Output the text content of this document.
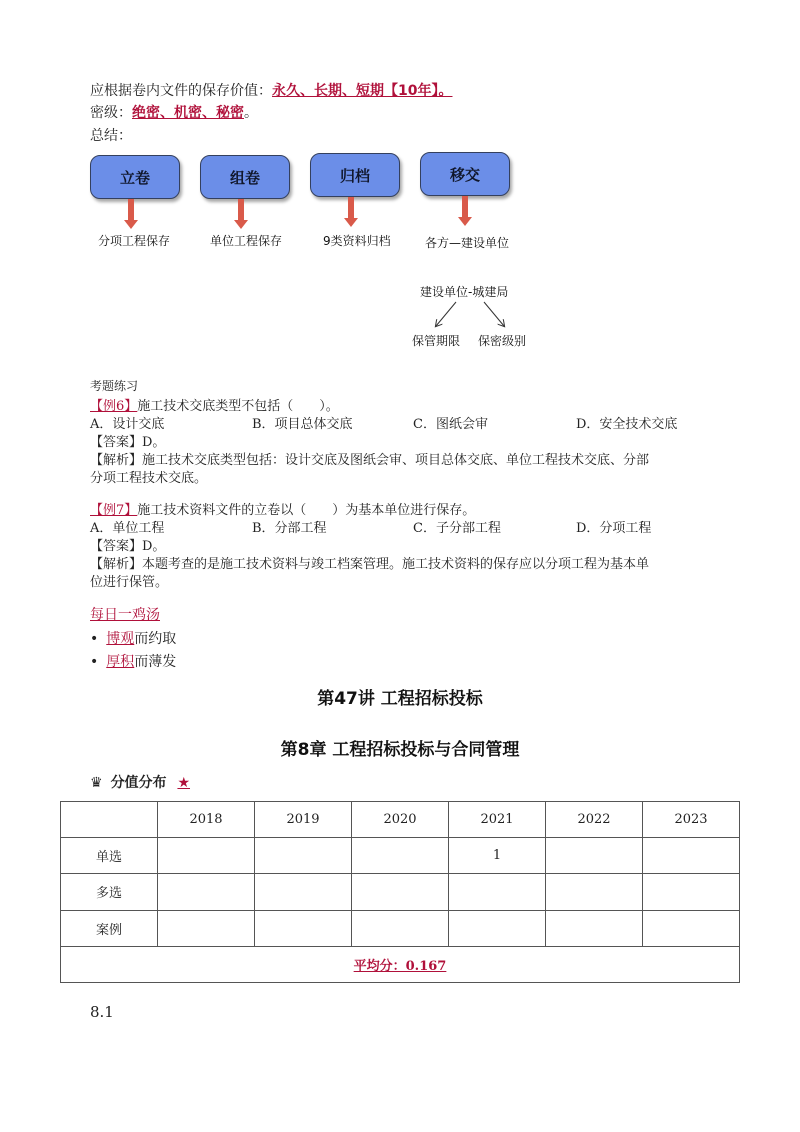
应根据卷内文件的保存价值：永久、长期、短期【10年】。
密级：绝密、机密、秘密。
总结：
立卷	组卷	归档	移交
分项工程保存	单位工程保存	9类资料归档	各方—建设单位
建设单位-城建局
保管期限 保密级别
考题练习
【例6】施工技术交底类型不包括（　　）。
A．设计交底	B．项目总体交底	C．图纸会审	D．安全技术交底
【答案】D。
【解析】施工技术交底类型包括：设计交底及图纸会审、项目总体交底、单位工程技术交底、分部
分项工程技术交底。
【例7】施工技术资料文件的立卷以（　　）为基本单位进行保存。
A．单位工程	B．分部工程	C．子分部工程	D．分项工程
【答案】D。
【解析】本题考查的是施工技术资料与竣工档案管理。施工技术资料的保存应以分项工程为基本单
位进行保管。
每日一鸡汤
• 博观而约取
• 厚积而薄发
第47讲 工程招标投标
第8章 工程招标投标与合同管理
♛ 分值分布 ★
	2018	2019	2020	2021	2022	2023
单选				1		
多选						
案例						
平均分：0.167						
8.1
